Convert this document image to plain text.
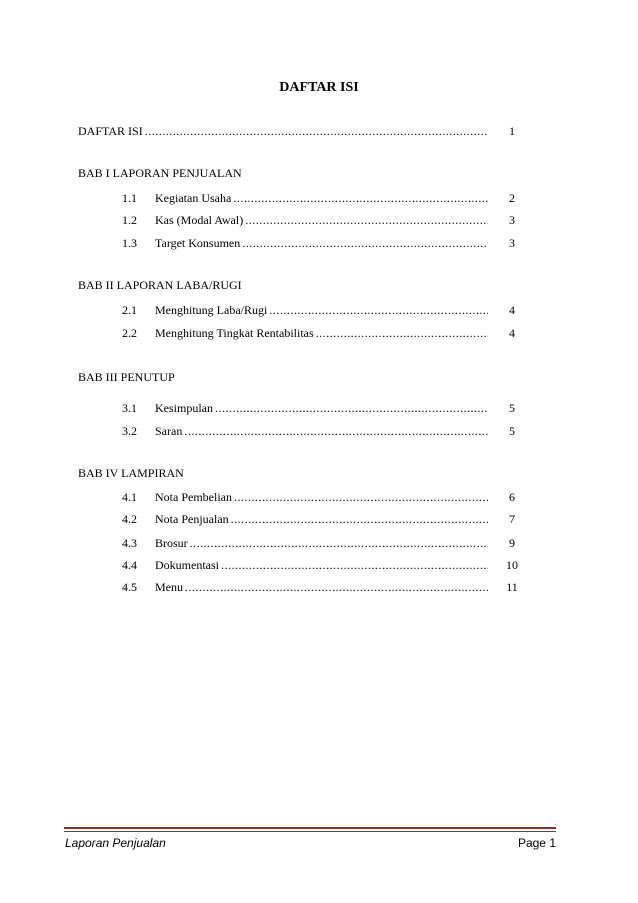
DAFTAR ISI
DAFTAR ISI .....	1
BAB I LAPORAN PENJUALAN
1.1 Kegiatan Usaha .....	2
1.2 Kas (Modal Awal) .....	3
1.3 Target Konsumen .....	3
BAB II LAPORAN LABA/RUGI
2.1 Menghitung Laba/Rugi .....	4
2.2 Menghitung Tingkat Rentabilitas .....	4
BAB III PENUTUP
3.1 Kesimpulan .....	5
3.2 Saran .....	5
BAB IV LAMPIRAN
4.1 Nota Pembelian .....	6
4.2 Nota Penjualan .....	7
4.3 Brosur .....	9
4.4 Dokumentasi .....	10
4.5 Menu .....	11
Laporan Penjualan	Page 1
